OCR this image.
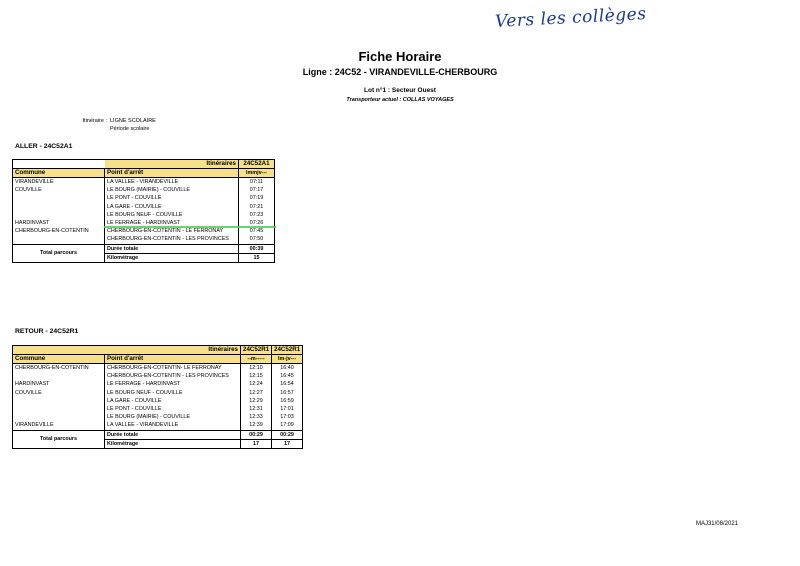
Vers les collèges
Fiche Horaire
Ligne : 24C52 - VIRANDEVILLE-CHERBOURG
Lot n°1 : Secteur Ouest
Transporteur actuel : COLLAS VOYAGES
Itinéraire : LIGNE SCOLAIRE
Période scolaire
ALLER - 24C52A1
	Itinéraires	24C52A1
Commune	Point d'arrêt	lmmjv---
VIRANDEVILLE	LA VALLEE - VIRANDEVILLE	07:11
COUVILLE	LE BOURG (MAIRIE) - COUVILLE	07:17
	LE PONT - COUVILLE	07:19
	LA GARE - COUVILLE	07:21
	LE BOURG NEUF - COUVILLE	07:23
HARDINVAST	LE FERRAGE - HARDINVAST	07:26
CHERBOURG-EN-COTENTIN	CHERBOURG-EN-COTENTIN - LE FERRONAY	07:45
	CHERBOURG-EN-COTENTIN - LES PROVINCES	07:50
Total parcours	Durée totale	00:39
	Kilométrage	15
RETOUR - 24C52R1
	Itinéraires	24C52R1	24C52R1
Commune	Point d'arrêt	--m-----	lm-jv---
CHERBOURG-EN-COTENTIN	CHERBOURG-EN-COTENTIN- LE FERRONAY	12:10	16:40
	CHERBOURG-EN-COTENTIN - LES PROVINCES	12:15	16:45
HARDINVAST	LE FERRAGE - HARDINVAST	12:24	16:54
COUVILLE	LE BOURG NEUF - COUVILLE	12:27	16:57
	LA GARE - COUVILLE	12:29	16:59
	LE PONT - COUVILLE	12:31	17:01
	LE BOURG (MAIRIE) - COUVILLE	12:33	17:03
VIRANDEVILLE	LA VALLEE - VIRANDEVILLE	12:39	17:09
Total parcours	Durée totale	00:29	00:29
	Kilométrage	17	17
MAJ31/08/2021
